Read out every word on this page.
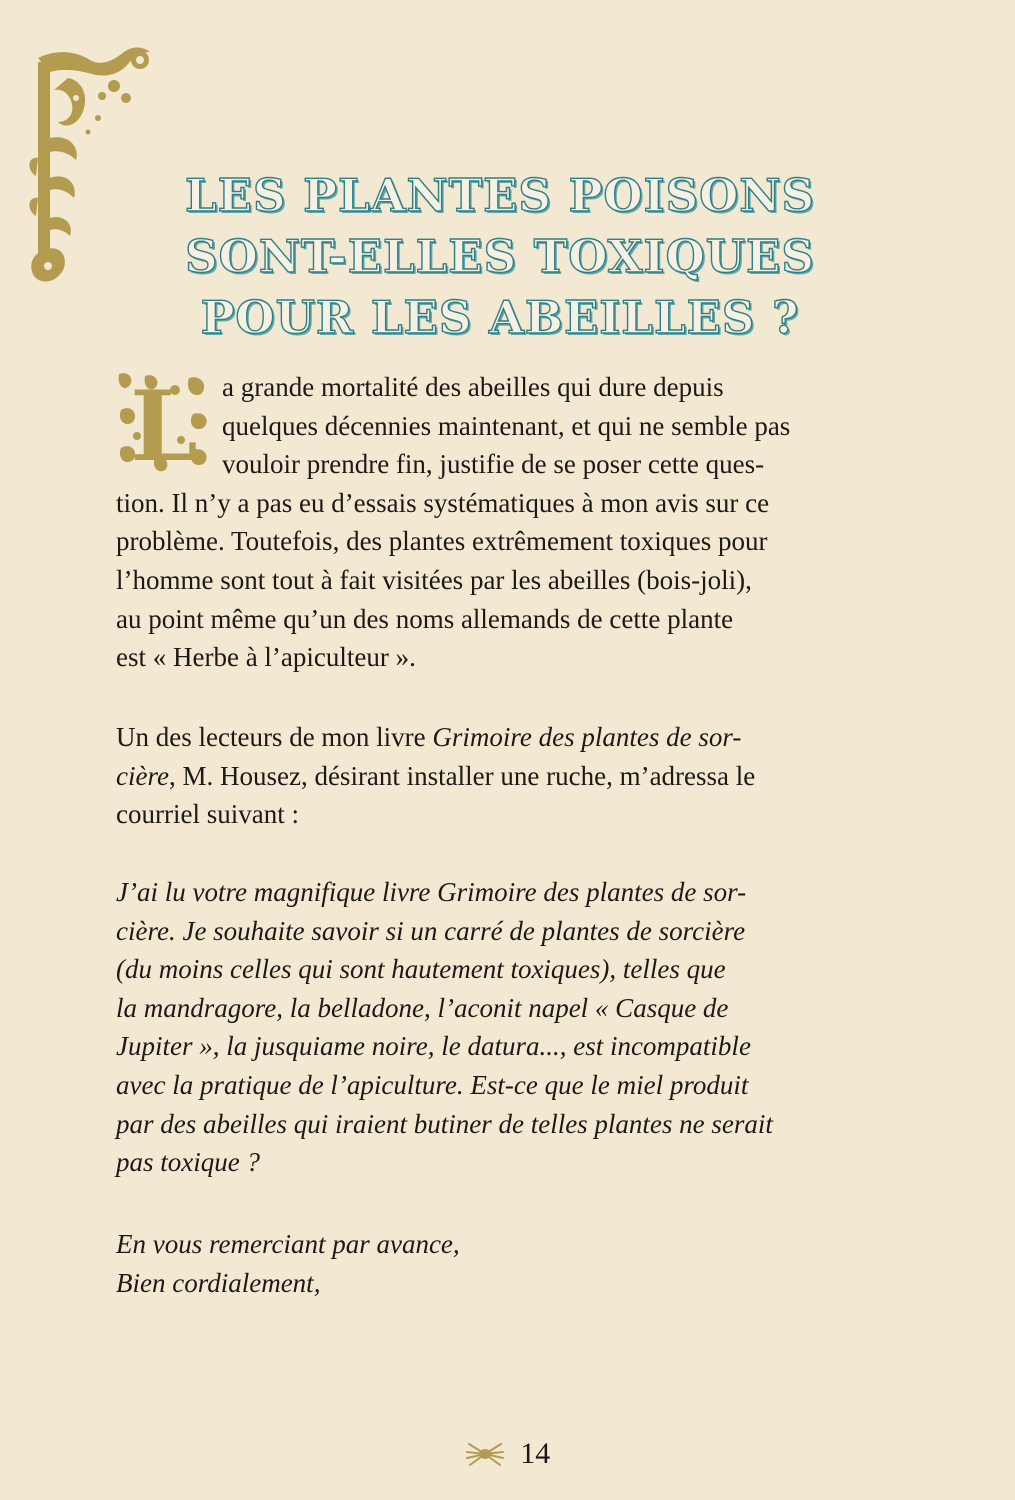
LES PLANTES POISONS
SONT-ELLES TOXIQUES
POUR LES ABEILLES ?
L a grande mortalité des abeilles qui dure depuis
quelques décennies maintenant, et qui ne semble pas
vouloir prendre fin, justifie de se poser cette ques-
tion. Il n’y a pas eu d’essais systématiques à mon avis sur ce
problème. Toutefois, des plantes extrêmement toxiques pour
l’homme sont tout à fait visitées par les abeilles (bois-joli),
au point même qu’un des noms allemands de cette plante
est « Herbe à l’apiculteur ».
Un des lecteurs de mon livre Grimoire des plantes de sor-
cière, M. Housez, désirant installer une ruche, m’adressa le
courriel suivant :
J’ai lu votre magnifique livre Grimoire des plantes de sor-
cière. Je souhaite savoir si un carré de plantes de sorcière
(du moins celles qui sont hautement toxiques), telles que
la mandragore, la belladone, l’aconit napel « Casque de
Jupiter », la jusquiame noire, le datura..., est incompatible
avec la pratique de l’apiculture. Est-ce que le miel produit
par des abeilles qui iraient butiner de telles plantes ne serait
pas toxique ?
En vous remerciant par avance,
Bien cordialement,
14
